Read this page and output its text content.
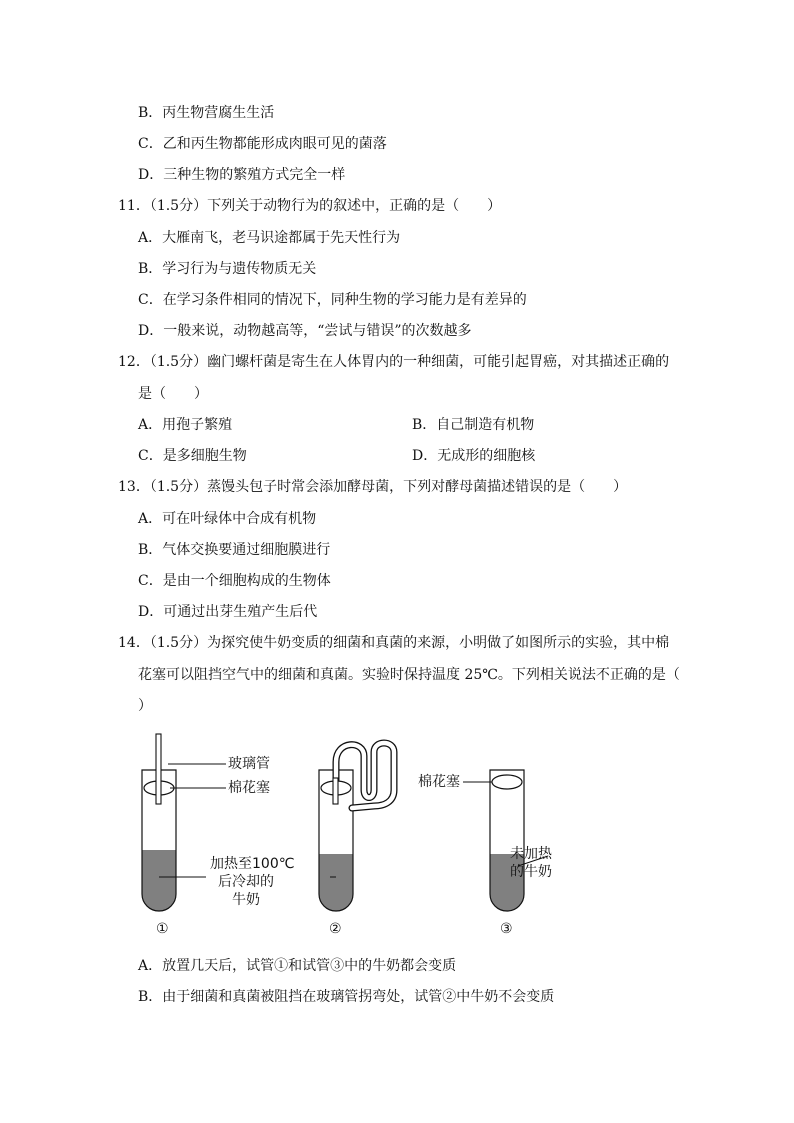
B．丙生物营腐生生活
C．乙和丙生物都能形成肉眼可见的菌落
D．三种生物的繁殖方式完全一样
11．（1.5分）下列关于动物行为的叙述中，正确的是（　　）
A．大雁南飞，老马识途都属于先天性行为
B．学习行为与遗传物质无关
C．在学习条件相同的情况下，同种生物的学习能力是有差异的
D．一般来说，动物越高等，“尝试与错误”的次数越多
12．（1.5分）幽门螺杆菌是寄生在人体胃内的一种细菌，可能引起胃癌，对其描述正确的
是（　　）
A．用孢子繁殖	B．自己制造有机物
C．是多细胞生物	D．无成形的细胞核
13．（1.5分）蒸馒头包子时常会添加酵母菌，下列对酵母菌描述错误的是（　　）
A．可在叶绿体中合成有机物
B．气体交换要通过细胞膜进行
C．是由一个细胞构成的生物体
D．可通过出芽生殖产生后代
14．（1.5分）为探究使牛奶变质的细菌和真菌的来源，小明做了如图所示的实验，其中棉
花塞可以阻挡空气中的细菌和真菌。实验时保持温度 25℃。下列相关说法不正确的是（
）
①	②	③
玻璃管
棉花塞	棉花塞
加热至100℃
后冷却的
牛奶
未加热
的牛奶
A．放置几天后，试管①和试管③中的牛奶都会变质
B．由于细菌和真菌被阻挡在玻璃管拐弯处，试管②中牛奶不会变质
